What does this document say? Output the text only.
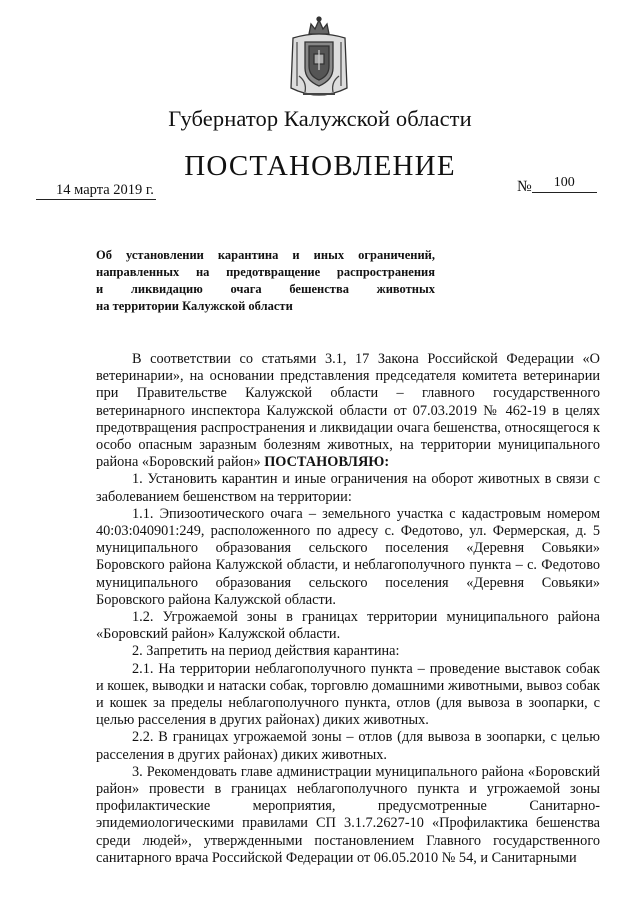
Губернатор Калужской области
ПОСТАНОВЛЕНИЕ
14 марта 2019 г.	№ 100
Об установлении карантина и иных ограничений,
направленных на предотвращение распространения
и ликвидацию очага бешенства животных
на территории Калужской области

В соответствии со статьями 3.1, 17 Закона Российской Федерации «О ветеринарии», на основании представления председателя комитета ветеринарии при Правительстве Калужской области – главного государственного ветеринарного инспектора Калужской области от 07.03.2019 № 462-19 в целях предотвращения распространения и ликвидации очага бешенства, относящегося к особо опасным заразным болезням животных, на территории муниципального района «Боровский район» ПОСТАНОВЛЯЮ:

1. Установить карантин и иные ограничения на оборот животных в связи с заболеванием бешенством на территории:

1.1. Эпизоотического очага – земельного участка с кадастровым номером 40:03:040901:249, расположенного по адресу с. Федотово, ул. Фермерская, д. 5 муниципального образования сельского поселения «Деревня Совьяки» Боровского района Калужской области, и неблагополучного пункта – с. Федотово муниципального образования сельского поселения «Деревня Совьяки» Боровского района Калужской области.

1.2. Угрожаемой зоны в границах территории муниципального района «Боровский район» Калужской области.

2. Запретить на период действия карантина:

2.1. На территории неблагополучного пункта – проведение выставок собак и кошек, выводки и натаски собак, торговлю домашними животными, вывоз собак и кошек за пределы неблагополучного пункта, отлов (для вывоза в зоопарки, с целью расселения в других районах) диких животных.

2.2. В границах угрожаемой зоны – отлов (для вывоза в зоопарки, с целью расселения в других районах) диких животных.

3. Рекомендовать главе администрации муниципального района «Боровский район» провести в границах неблагополучного пункта и угрожаемой зоны профилактические мероприятия, предусмотренные Санитарно-эпидемиологическими правилами СП 3.1.7.2627-10 «Профилактика бешенства среди людей», утвержденными постановлением Главного государственного санитарного врача Российской Федерации от 06.05.2010 № 54, и Санитарными
